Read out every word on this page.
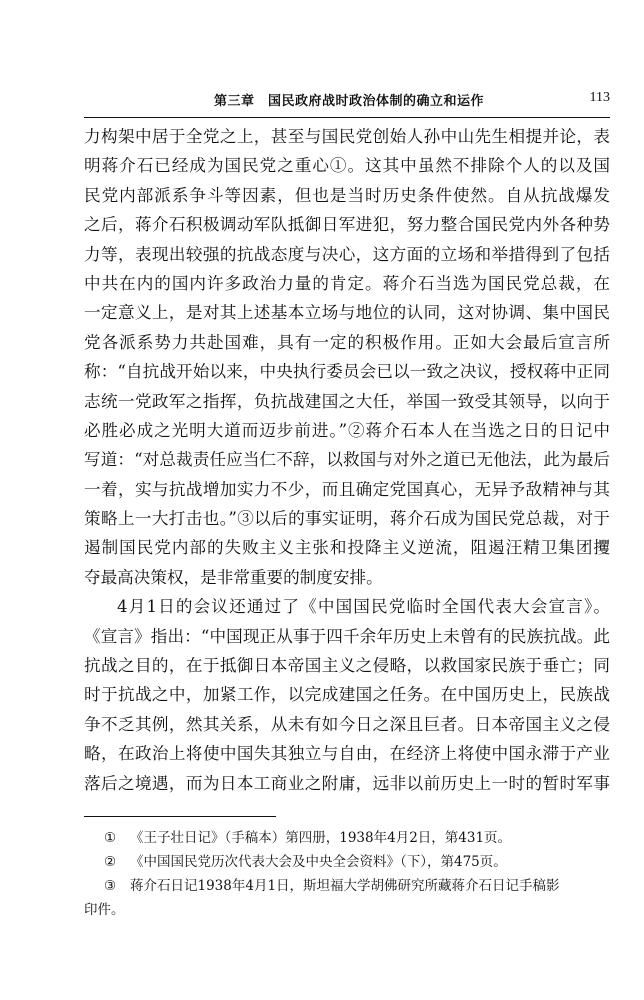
第三章　国民政府战时政治体制的确立和运作	113
力构架中居于全党之上，甚至与国民党创始人孙中山先生相提并论，表
明蒋介石已经成为国民党之重心①。这其中虽然不排除个人的以及国
民党内部派系争斗等因素，但也是当时历史条件使然。自从抗战爆发
之后，蒋介石积极调动军队抵御日军进犯，努力整合国民党内外各种势
力等，表现出较强的抗战态度与决心，这方面的立场和举措得到了包括
中共在内的国内许多政治力量的肯定。蒋介石当选为国民党总裁，在
一定意义上，是对其上述基本立场与地位的认同，这对协调、集中国民
党各派系势力共赴国难，具有一定的积极作用。正如大会最后宣言所
称：“自抗战开始以来，中央执行委员会已以一致之决议，授权蒋中正同
志统一党政军之指挥，负抗战建国之大任，举国一致受其领导，以向于
必胜必成之光明大道而迈步前进。”②蒋介石本人在当选之日的日记中
写道：“对总裁责任应当仁不辞，以救国与对外之道已无他法，此为最后
一着，实与抗战增加实力不少，而且确定党国真心，无异予敌精神与其
策略上一大打击也。”③以后的事实证明，蒋介石成为国民党总裁，对于
遏制国民党内部的失败主义主张和投降主义逆流，阻遏汪精卫集团攫
夺最高决策权，是非常重要的制度安排。
4月1日的会议还通过了《中国国民党临时全国代表大会宣言》。
《宣言》指出：“中国现正从事于四千余年历史上未曾有的民族抗战。此
抗战之目的，在于抵御日本帝国主义之侵略，以救国家民族于垂亡；同
时于抗战之中，加紧工作，以完成建国之任务。在中国历史上，民族战
争不乏其例，然其关系，从未有如今日之深且巨者。日本帝国主义之侵
略，在政治上将使中国失其独立与自由，在经济上将使中国永滞于产业
落后之境遇，而为日本工商业之附庸，远非以前历史上一时的暂时军事
① 《王子壮日记》（手稿本）第四册，1938年4月2日，第431页。
② 《中国国民党历次代表大会及中央全会资料》（下），第475页。
③ 蒋介石日记1938年4月1日，斯坦福大学胡佛研究所藏蒋介石日记手稿影
印件。
